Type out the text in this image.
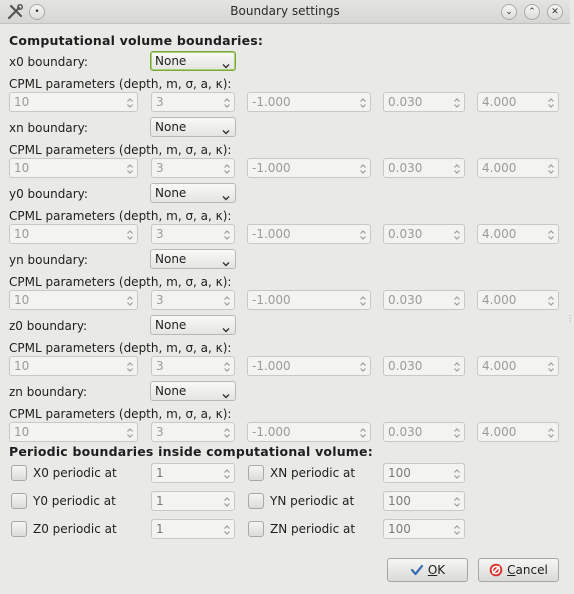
•	Boundary settings	⌄	⌃	✕
Computational volume boundaries:
x0 boundary:	None
CPML parameters (depth, m, σ, a, κ):
10	3	-1.000	0.030	4.000
xn boundary:	None
CPML parameters (depth, m, σ, a, κ):
10	3	-1.000	0.030	4.000
y0 boundary:	None
CPML parameters (depth, m, σ, a, κ):
10	3	-1.000	0.030	4.000
yn boundary:	None
CPML parameters (depth, m, σ, a, κ):
10	3	-1.000	0.030	4.000
z0 boundary:	None
CPML parameters (depth, m, σ, a, κ):
10	3	-1.000	0.030	4.000
zn boundary:	None
CPML parameters (depth, m, σ, a, κ):
10	3	-1.000	0.030	4.000
Periodic boundaries inside computational volume:
X0 periodic at	1	XN periodic at	100
Y0 periodic at	1	YN periodic at	100
Z0 periodic at	1	ZN periodic at	100
OK	Cancel
⋮
